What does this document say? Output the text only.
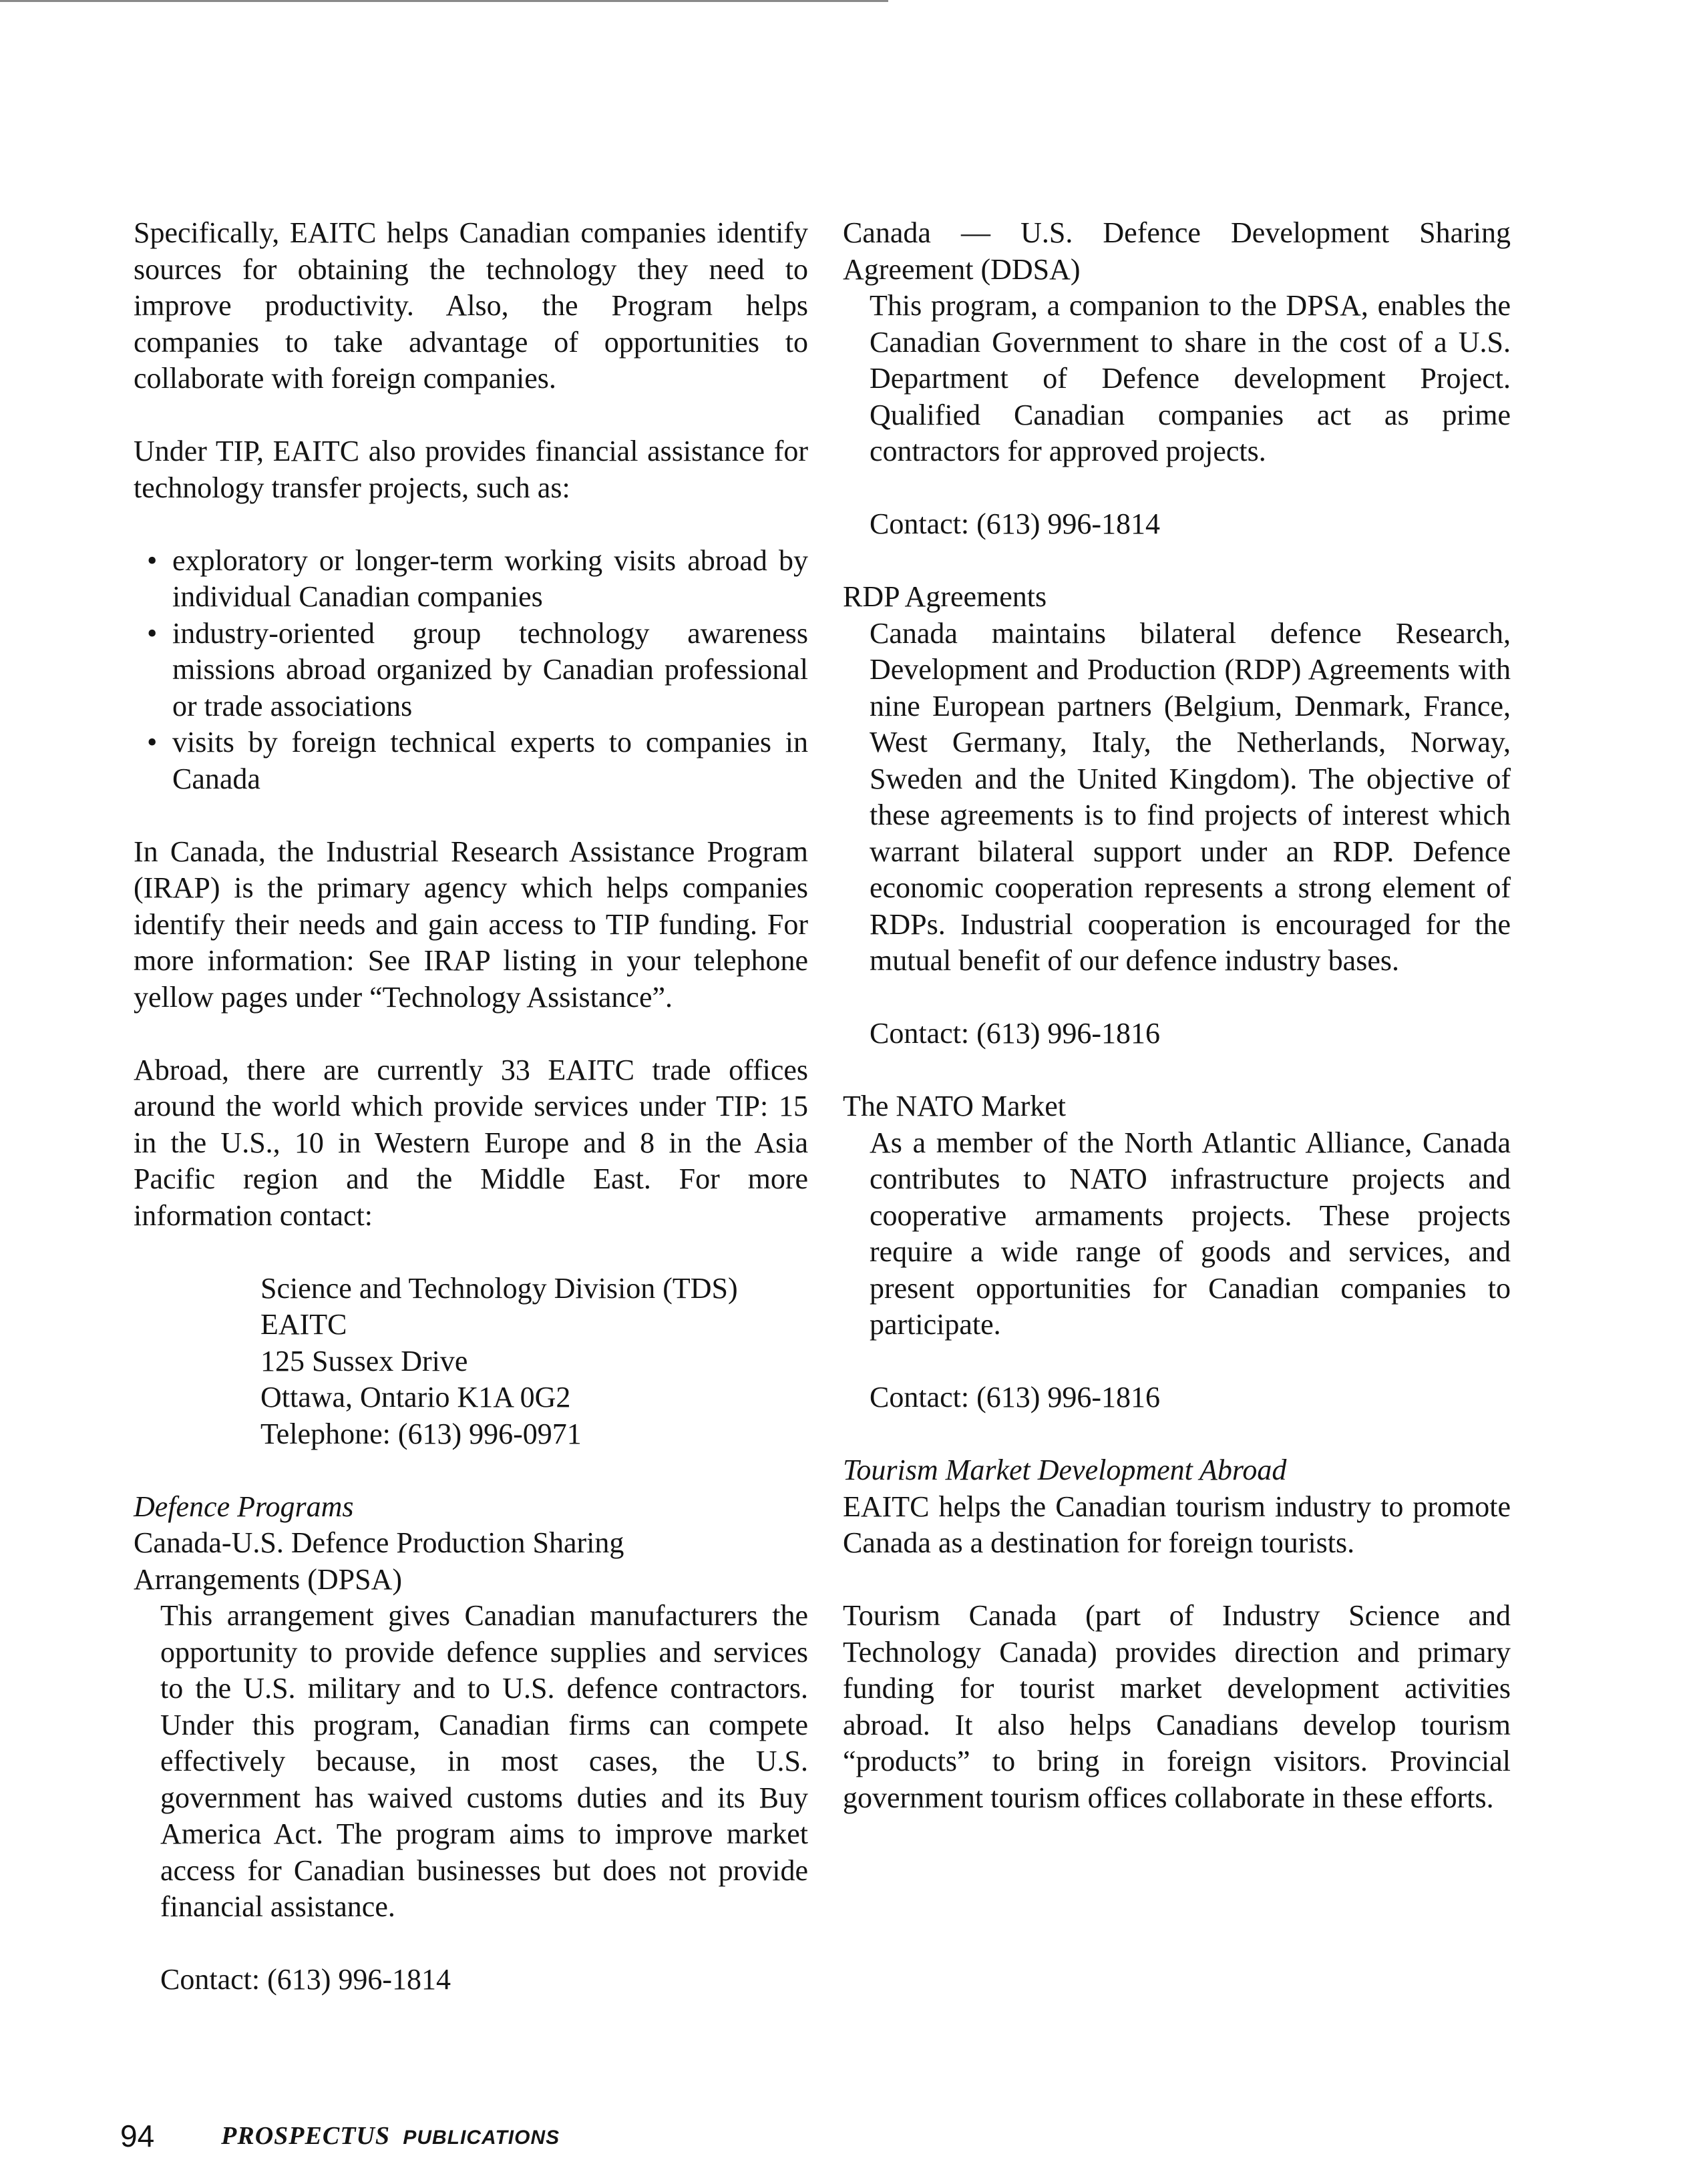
Specifically, EAITC helps Canadian companies identify sources for obtaining the technology they need to improve productivity. Also, the Program helps companies to take advantage of opportunities to collaborate with foreign companies.

Under TIP, EAITC also provides financial assistance for technology transfer projects, such as:

• exploratory or longer-term working visits abroad by individual Canadian companies
• industry-oriented group technology awareness missions abroad organized by Canadian professional or trade associations
• visits by foreign technical experts to companies in Canada

In Canada, the Industrial Research Assistance Program (IRAP) is the primary agency which helps companies identify their needs and gain access to TIP funding. For more information: See IRAP listing in your telephone yellow pages under “Technology Assistance”.

Abroad, there are currently 33 EAITC trade offices around the world which provide services under TIP: 15 in the U.S., 10 in Western Europe and 8 in the Asia Pacific region and the Middle East. For more information contact:

Science and Technology Division (TDS)
EAITC
125 Sussex Drive
Ottawa, Ontario K1A 0G2
Telephone: (613) 996-0971
Defence Programs
Canada-U.S. Defence Production Sharing
Arrangements (DPSA)

This arrangement gives Canadian manufacturers the opportunity to provide defence supplies and services to the U.S. military and to U.S. defence contractors. Under this program, Canadian firms can compete effectively because, in most cases, the U.S. government has waived customs duties and its Buy America Act. The program aims to improve market access for Canadian businesses but does not provide financial assistance.

Contact: (613) 996-1814

Canada — U.S. Defence Development Sharing Agreement (DDSA)

This program, a companion to the DPSA, enables the Canadian Government to share in the cost of a U.S. Department of Defence development Project. Qualified Canadian companies act as prime contractors for approved projects.

Contact: (613) 996-1814
RDP Agreements

Canada maintains bilateral defence Research, Development and Production (RDP) Agreements with nine European partners (Belgium, Denmark, France, West Germany, Italy, the Netherlands, Norway, Sweden and the United Kingdom). The objective of these agreements is to find projects of interest which warrant bilateral support under an RDP. Defence economic cooperation represents a strong element of RDPs. Industrial cooperation is encouraged for the mutual benefit of our defence industry bases.

Contact: (613) 996-1816
The NATO Market

As a member of the North Atlantic Alliance, Canada contributes to NATO infrastructure projects and cooperative armaments projects. These projects require a wide range of goods and services, and present opportunities for Canadian companies to participate.

Contact: (613) 996-1816
Tourism Market Development Abroad

EAITC helps the Canadian tourism industry to promote Canada as a destination for foreign tourists.

Tourism Canada (part of Industry Science and Technology Canada) provides direction and primary funding for tourist market development activities abroad. It also helps Canadians develop tourism “products” to bring in foreign visitors. Provincial government tourism offices collaborate in these efforts.

94	PROSPECTUS PUBLICATIONS
